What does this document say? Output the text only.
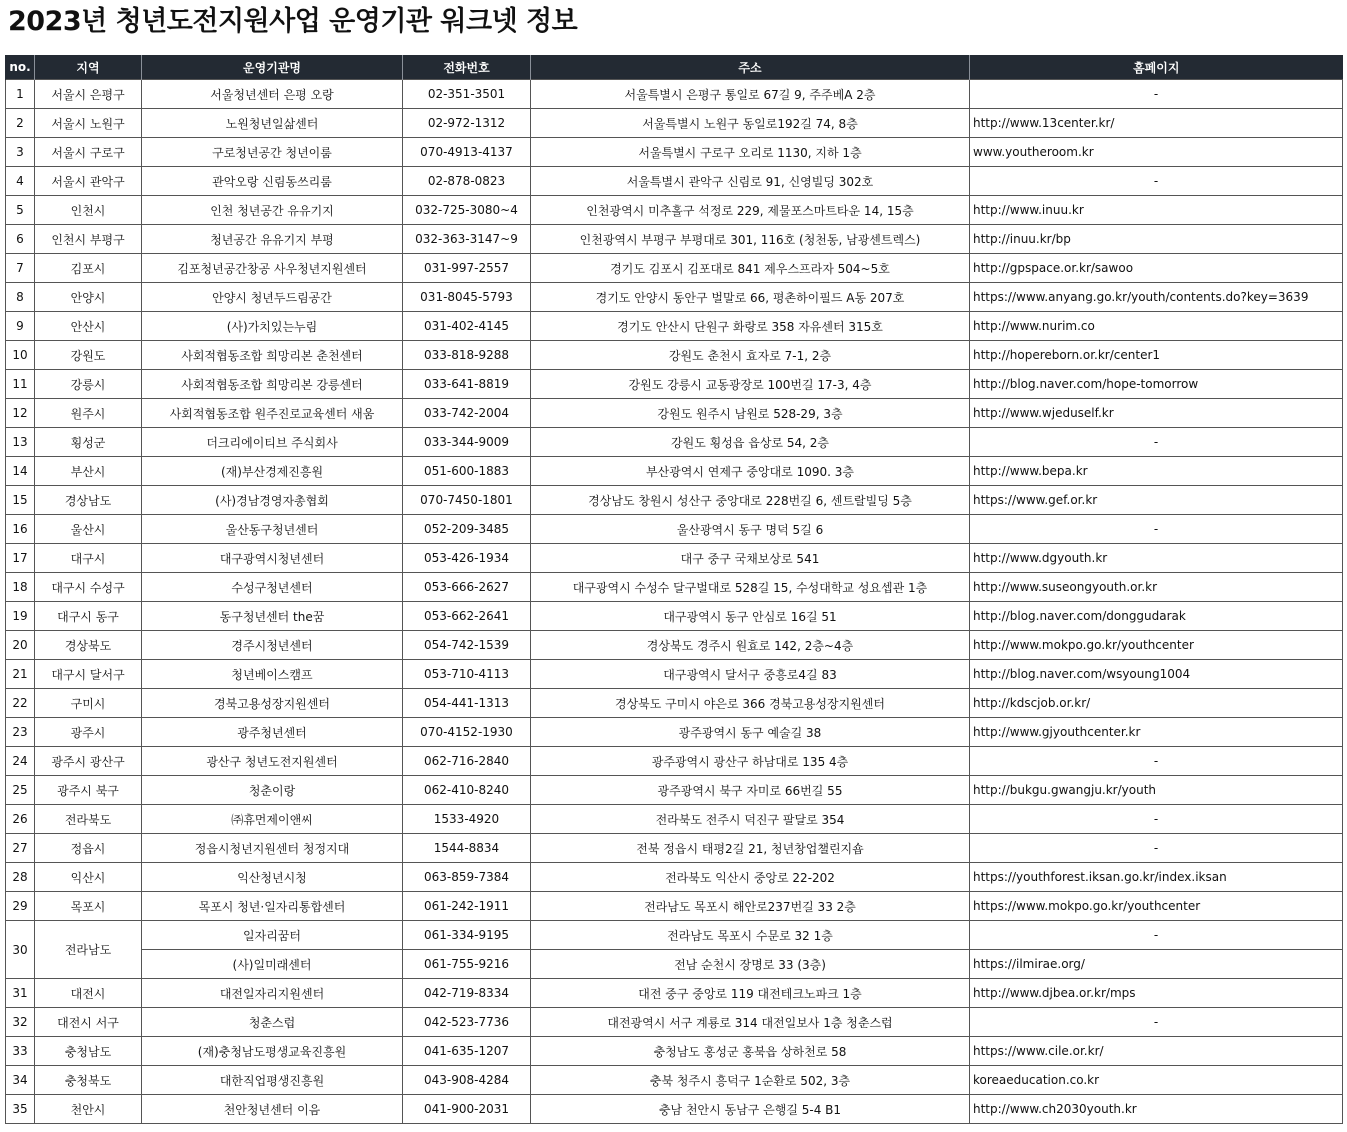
2023년 청년도전지원사업 운영기관 워크넷 정보
no.	지역	운영기관명	전화번호	주소	홈페이지
1	서울시 은평구	서울청년센터 은평 오랑	02-351-3501	서울특별시 은평구 통일로 67길 9, 주주베A 2층	-
2	서울시 노원구	노원청년일삶센터	02-972-1312	서울특별시 노원구 동일로192길 74, 8층	http://www.13center.kr/
3	서울시 구로구	구로청년공간 청년이룸	070-4913-4137	서울특별시 구로구 오리로 1130, 지하 1층	www.youtheroom.kr
4	서울시 관악구	관악오랑 신림동쓰리룸	02-878-0823	서울특별시 관악구 신림로 91, 신영빌딩 302호	-
5	인천시	인천 청년공간 유유기지	032-725-3080~4	인천광역시 미추홀구 석정로 229, 제물포스마트타운 14, 15층	http://www.inuu.kr
6	인천시 부평구	청년공간 유유기지 부평	032-363-3147~9	인천광역시 부평구 부평대로 301, 116호 (청천동, 남광센트렉스)	http://inuu.kr/bp
7	김포시	김포청년공간창공 사우청년지원센터	031-997-2557	경기도 김포시 김포대로 841 제우스프라자 504~5호	http://gpspace.or.kr/sawoo
8	안양시	안양시 청년두드림공간	031-8045-5793	경기도 안양시 동안구 벌말로 66, 평촌하이필드 A동 207호	https://www.anyang.go.kr/youth/contents.do?key=3639
9	안산시	(사)가치있는누림	031-402-4145	경기도 안산시 단원구 화랑로 358 자유센터 315호	http://www.nurim.co
10	강원도	사회적협동조합 희망리본 춘천센터	033-818-9288	강원도 춘천시 효자로 7-1, 2층	http://hopereborn.or.kr/center1
11	강릉시	사회적협동조합 희망리본 강릉센터	033-641-8819	강원도 강릉시 교동광장로 100번길 17-3, 4층	http://blog.naver.com/hope-tomorrow
12	원주시	사회적협동조합 원주진로교육센터 새움	033-742-2004	강원도 원주시 남원로 528-29, 3층	http://www.wjeduself.kr
13	횡성군	더크리에이티브 주식회사	033-344-9009	강원도 횡성읍 읍상로 54, 2층	-
14	부산시	(재)부산경제진흥원	051-600-1883	부산광역시 연제구 중앙대로 1090. 3층	http://www.bepa.kr
15	경상남도	(사)경남경영자총협회	070-7450-1801	경상남도 창원시 성산구 중앙대로 228번길 6, 센트랄빌딩 5층	https://www.gef.or.kr
16	울산시	울산동구청년센터	052-209-3485	울산광역시 동구 명덕 5길 6	-
17	대구시	대구광역시청년센터	053-426-1934	대구 중구 국채보상로 541	http://www.dgyouth.kr
18	대구시 수성구	수성구청년센터	053-666-2627	대구광역시 수성수 달구벌대로 528길 15, 수성대학교 성요셉관 1층	http://www.suseongyouth.or.kr
19	대구시 동구	동구청년센터 the꿈	053-662-2641	대구광역시 동구 안심로 16길 51	http://blog.naver.com/donggudarak
20	경상북도	경주시청년센터	054-742-1539	경상북도 경주시 원효로 142, 2층~4층	http://www.mokpo.go.kr/youthcenter
21	대구시 달서구	청년베이스캠프	053-710-4113	대구광역시 달서구 중흥로4길 83	http://blog.naver.com/wsyoung1004
22	구미시	경북고용성장지원센터	054-441-1313	경상북도 구미시 야은로 366 경북고용성장지원센터	http://kdscjob.or.kr/
23	광주시	광주청년센터	070-4152-1930	광주광역시 동구 예술길 38	http://www.gjyouthcenter.kr
24	광주시 광산구	광산구 청년도전지원센터	062-716-2840	광주광역시 광산구 하남대로 135 4층	-
25	광주시 북구	청춘이랑	062-410-8240	광주광역시 북구 자미로 66번길 55	http://bukgu.gwangju.kr/youth
26	전라북도	㈜휴먼제이앤씨	1533-4920	전라북도 전주시 덕진구 팔달로 354	-
27	정읍시	정읍시청년지원센터 청정지대	1544-8834	전북 정읍시 태평2길 21, 청년창업챌린지숍	-
28	익산시	익산청년시청	063-859-7384	전라북도 익산시 중앙로 22-202	https://youthforest.iksan.go.kr/index.iksan
29	목포시	목포시 청년·일자리통합센터	061-242-1911	전라남도 목포시 해안로237번길 33 2층	https://www.mokpo.go.kr/youthcenter
30	전라남도	일자리꿈터	061-334-9195	전라남도 목포시 수문로 32 1층	-
		(사)일미래센터	061-755-9216	전남 순천시 장명로 33 (3층)	https://ilmirae.org/
31	대전시	대전일자리지원센터	042-719-8334	대전 중구 중앙로 119 대전테크노파크 1층	http://www.djbea.or.kr/mps
32	대전시 서구	청춘스럽	042-523-7736	대전광역시 서구 계룡로 314 대전일보사 1층 청춘스럽	-
33	충청남도	(재)충청남도평생교육진흥원	041-635-1207	충청남도 홍성군 홍북읍 상하천로 58	https://www.cile.or.kr/
34	충청북도	대한직업평생진흥원	043-908-4284	충북 청주시 흥덕구 1순환로 502, 3층	koreaeducation.co.kr
35	천안시	천안청년센터 이음	041-900-2031	충남 천안시 동남구 은행길 5-4 B1	http://www.ch2030youth.kr
